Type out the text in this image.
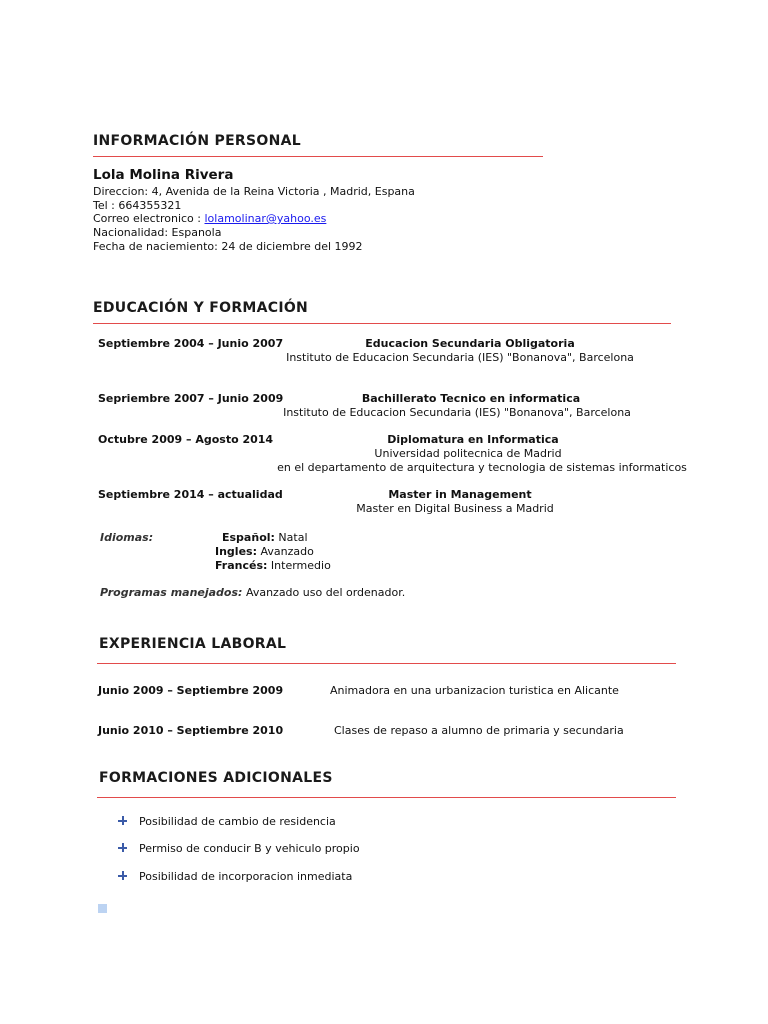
INFORMACIÓN PERSONAL
Lola Molina Rivera
Direccion: 4, Avenida de la Reina Victoria , Madrid, Espana
Tel : 664355321
Correo electronico : lolamolinar@yahoo.es
Nacionalidad: Espanola
Fecha de naciemiento: 24 de diciembre del 1992
EDUCACIÓN Y FORMACIÓN
Septiembre 2004 – Junio 2007	Educacion Secundaria Obligatoria
Instituto de Educacion Secundaria (IES) "Bonanova", Barcelona
Sepriembre 2007 – Junio 2009	Bachillerato Tecnico en informatica
Instituto de Educacion Secundaria (IES) "Bonanova", Barcelona
Octubre 2009 – Agosto 2014	Diplomatura en Informatica
Universidad politecnica de Madrid
en el departamento de arquitectura y tecnologia de sistemas informaticos
Septiembre 2014 – actualidad	Master in Management
Master en Digital Business a Madrid
Idiomas:	Español: Natal
Ingles: Avanzado
Francés: Intermedio
Programas manejados: Avanzado uso del ordenador.
EXPERIENCIA LABORAL
Junio 2009 – Septiembre 2009	Animadora en una urbanizacion turistica en Alicante
Junio 2010 – Septiembre 2010	Clases de repaso a alumno de primaria y secundaria
FORMACIONES ADICIONALES
Posibilidad de cambio de residencia
Permiso de conducir B y vehiculo propio
Posibilidad de incorporacion inmediata
